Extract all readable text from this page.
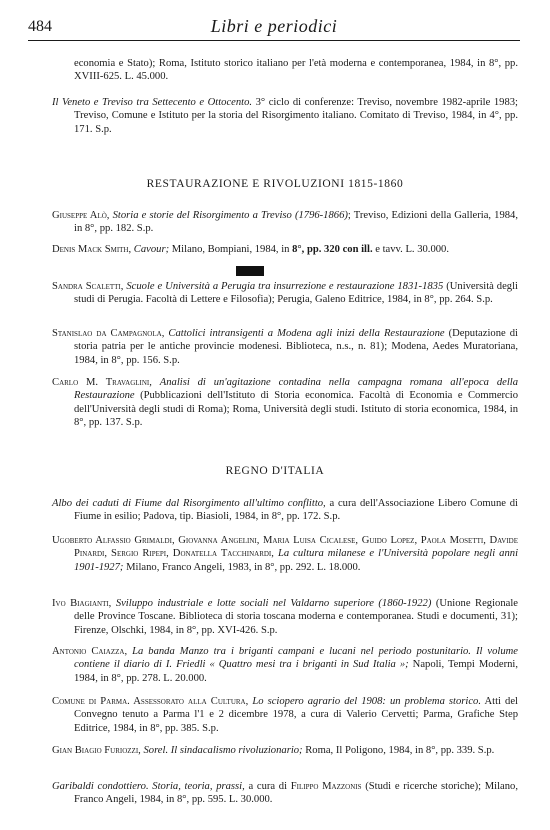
484	Libri e periodici
economia e Stato); Roma, Istituto storico italiano per l'età moderna e contemporanea, 1984, in 8°, pp. XVIII-625. L. 45.000.
Il Veneto e Treviso tra Settecento e Ottocento. 3° ciclo di conferenze: Treviso, novembre 1982-aprile 1983; Treviso, Comune e Istituto per la storia del Risorgimento italiano. Comitato di Treviso, 1984, in 4°, pp. 171. S.p.
RESTAURAZIONE E RIVOLUZIONI 1815-1860
Giuseppe Alò, Storia e storie del Risorgimento a Treviso (1796-1866); Treviso, Edizioni della Galleria, 1984, in 8°, pp. 182. S.p.
Denis Mack Smith, Cavour; Milano, Bompiani, 1984, in 8°, pp. 320 con ill. e tavv. L. 30.000.
Sandra Scaletti, Scuole e Università a Perugia tra insurrezione e restaurazione 1831-1835 (Università degli studi di Perugia. Facoltà di Lettere e Filosofia); Perugia, Galeno Editrice, 1984, in 8°, pp. 264. S.p.
Stanislao da Campagnola, Cattolici intransigenti a Modena agli inizi della Restaurazione (Deputazione di storia patria per le antiche provincie modenesi. Biblioteca, n.s., n. 81); Modena, Aedes Muratoriana, 1984, in 8°, pp. 156. S.p.
Carlo M. Travaglini, Analisi di un'agitazione contadina nella campagna romana all'epoca della Restaurazione (Pubblicazioni dell'Istituto di Storia economica. Facoltà di Economia e Commercio dell'Università degli studi di Roma); Roma, Università degli studi. Istituto di storia economica, 1984, in 8°, pp. 137. S.p.
REGNO D'ITALIA
Albo dei caduti di Fiume dal Risorgimento all'ultimo conflitto, a cura dell'Associazione Libero Comune di Fiume in esilio; Padova, tip. Biasioli, 1984, in 8°, pp. 172. S.p.
Ugoberto Alfassio Grimaldi, Giovanna Angelini, Maria Luisa Cicalese, Guido Lopez, Paola Mosetti, Davide Pinardi, Sergio Ripepi, Donatella Tacchinardi, La cultura milanese e l'Università popolare negli anni 1901-1927; Milano, Franco Angeli, 1983, in 8°, pp. 292. L. 18.000.
Ivo Biagianti, Sviluppo industriale e lotte sociali nel Valdarno superiore (1860-1922) (Unione Regionale delle Province Toscane. Biblioteca di storia toscana moderna e contemporanea. Studi e documenti, 31); Firenze, Olschki, 1984, in 8°, pp. XVI-426. S.p.
Antonio Caiazza, La banda Manzo tra i briganti campani e lucani nel periodo postunitario. Il volume contiene il diario di I. Friedli « Quattro mesi tra i briganti in Sud Italia »; Napoli, Tempi Moderni, 1984, in 8°, pp. 278. L. 20.000.
Comune di Parma. Assessorato alla Cultura, Lo sciopero agrario del 1908: un problema storico. Atti del Convegno tenuto a Parma l'1 e 2 dicembre 1978, a cura di Valerio Cervetti; Parma, Grafiche Step Editrice, 1984, in 8°, pp. 385. S.p.
Gian Biagio Furiozzi, Sorel. Il sindacalismo rivoluzionario; Roma, Il Poligono, 1984, in 8°, pp. 339. S.p.
Garibaldi condottiero. Storia, teoria, prassi, a cura di Filippo Mazzonis (Studi e ricerche storiche); Milano, Franco Angeli, 1984, in 8°, pp. 595. L. 30.000.
